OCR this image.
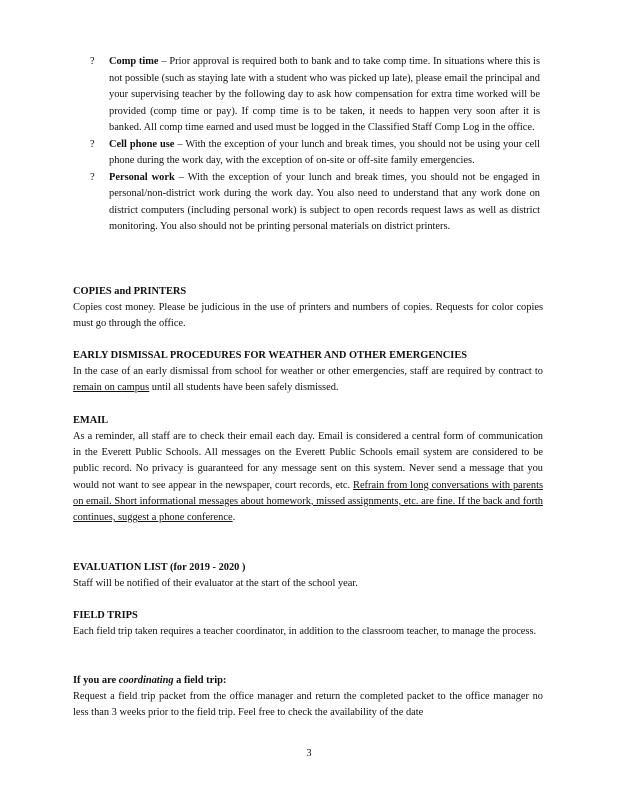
? Comp time – Prior approval is required both to bank and to take comp time. In situations where this is not possible (such as staying late with a student who was picked up late), please email the principal and your supervising teacher by the following day to ask how compensation for extra time worked will be provided (comp time or pay). If comp time is to be taken, it needs to happen very soon after it is banked. All comp time earned and used must be logged in the Classified Staff Comp Log in the office.
? Cell phone use – With the exception of your lunch and break times, you should not be using your cell phone during the work day, with the exception of on-site or off-site family emergencies.
? Personal work – With the exception of your lunch and break times, you should not be engaged in personal/non-district work during the work day. You also need to understand that any work done on district computers (including personal work) is subject to open records request laws as well as district monitoring. You also should not be printing personal materials on district printers.
COPIES and PRINTERS

Copies cost money. Please be judicious in the use of printers and numbers of copies. Requests for color copies must go through the office.

EARLY DISMISSAL PROCEDURES FOR WEATHER AND OTHER EMERGENCIES

In the case of an early dismissal from school for weather or other emergencies, staff are required by contract to remain on campus until all students have been safely dismissed.

EMAIL

As a reminder, all staff are to check their email each day. Email is considered a central form of communication in the Everett Public Schools. All messages on the Everett Public Schools email system are considered to be public record. No privacy is guaranteed for any message sent on this system. Never send a message that you would not want to see appear in the newspaper, court records, etc. Refrain from long conversations with parents on email. Short informational messages about homework, missed assignments, etc. are fine. If the back and forth continues, suggest a phone conference.

EVALUATION LIST (for 2019 - 2020 )

Staff will be notified of their evaluator at the start of the school year.

FIELD TRIPS

Each field trip taken requires a teacher coordinator, in addition to the classroom teacher, to manage the process.

If you are coordinating a field trip:

Request a field trip packet from the office manager and return the completed packet to the office manager no less than 3 weeks prior to the field trip. Feel free to check the availability of the date

3
